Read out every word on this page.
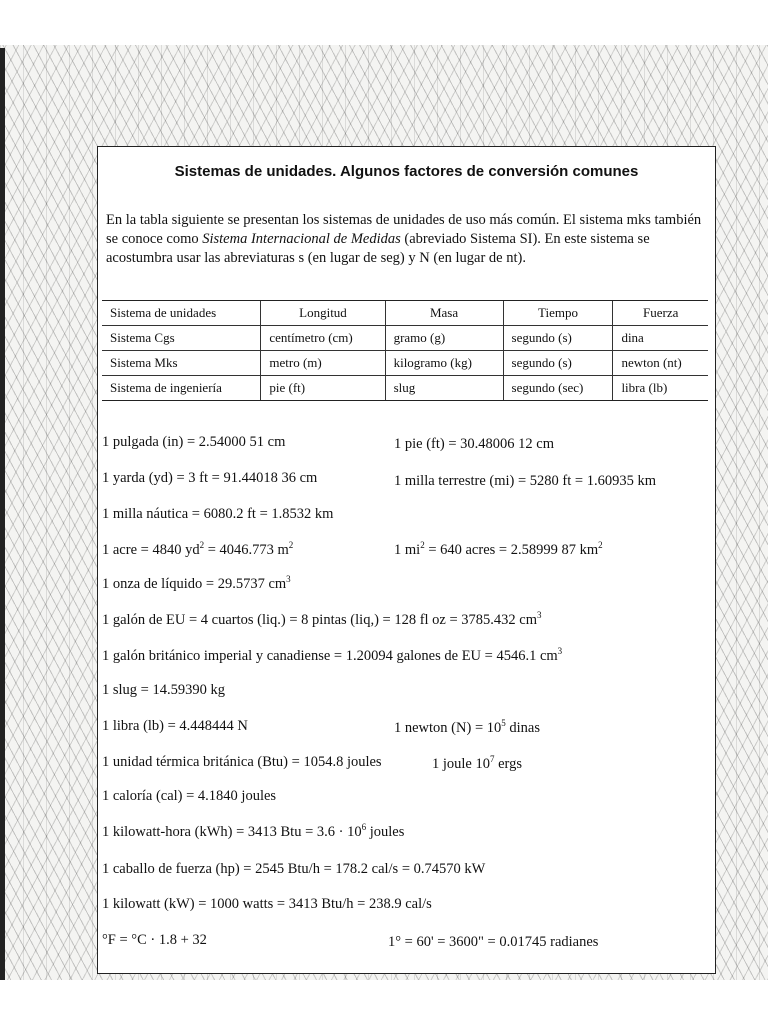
Sistemas de unidades. Algunos factores de conversión comunes

En la tabla siguiente se presentan los sistemas de unidades de uso más común. El sistema mks también se conoce como Sistema Internacional de Medidas (abreviado Sistema SI). En este sistema se acostumbra usar las abreviaturas s (en lugar de seg) y N (en lugar de nt).

Sistema de unidades	Longitud	Masa	Tiempo	Fuerza
Sistema Cgs	centímetro (cm)	gramo (g)	segundo (s)	dina
Sistema Mks	metro (m)	kilogramo (kg)	segundo (s)	newton (nt)
Sistema de ingeniería	pie (ft)	slug	segundo (sec)	libra (lb)
1 pulgada (in) = 2.54000 51 cm	1 pie (ft) = 30.48006 12 cm
1 yarda (yd) = 3 ft = 91.44018 36 cm	1 milla terrestre (mi) = 5280 ft = 1.60935 km
1 milla náutica = 6080.2 ft = 1.8532 km
1 acre = 4840 $yd^2 = 4046.773$ $m^2$	1 $mi^2 = 640$ acres = 2.58999 87 $km^2$
1 onza de líquido = 29.5737 $cm^3$
1 galón de EU = 4 cuartos (liq.) = 8 pintas (liq,) = 128 fl oz = 3785.432 $cm^3$
1 galón británico imperial y canadiense = 1.20094 galones de EU = 4546.1 $cm^3$
1 slug = 14.59390 kg
1 libra (lb) = 4.448444 N	1 newton $(N) = 10^5$ dinas
1 unidad térmica británica (Btu) = 1054.8 joules	1 joule $10^7$ ergs
1 caloría (cal) = 4.1840 joules
1 kilowatt-hora (kWh) = 3413 Btu = $3.6 \cdot 10^6$ joules
1 caballo de fuerza (hp) = 2545 Btu/h = 178.2 cal/s = 0.74570 kW
1 kilowatt (kW) = 1000 watts = 3413 Btu/h = 238.9 cal/s
°F = °C · 1.8 + 32	1° = 60' = 3600" = 0.01745 radianes
